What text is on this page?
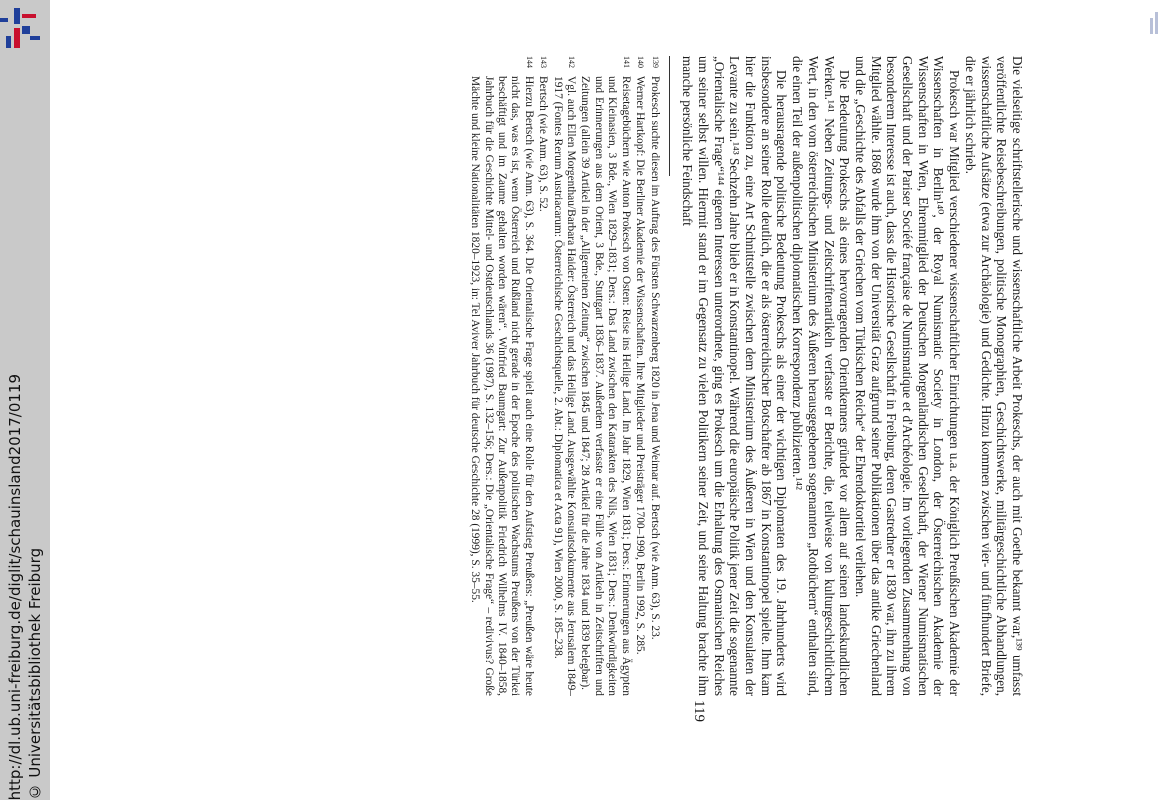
http://dl.ub.uni-freiburg.de/diglit/schauinsland2017/0119 © Universitätsbibliothek Freiburg	Die vielseitige schriftstellerische und wissenschaftliche Arbeit Prokeschs, der auch mit Goethe bekannt war,¹³⁹ umfasst veröffentlichte Reisebeschreibungen, politische Monographien, Geschichtswerke, militärgeschichtliche Abhandlungen, wissenschaftliche Aufsätze (etwa zur Archäologie) und Gedichte. Hinzu kommen zwischen vier- und fünfhundert Briefe, die er jährlich schrieb.

Prokesch war Mitglied verschiedener wissenschaftlicher Einrichtungen u.a. der Königlich Preußischen Akademie der Wissenschaften in Berlin¹⁴⁰, der Royal Numismatic Society in London, der Österreichischen Akademie der Wissenschaften in Wien, Ehrenmitglied der Deutschen Morgenländischen Gesellschaft, der Wiener Numismatischen Gesellschaft und der Pariser Société française de Numismatique et d'Archéologie. Im vorliegenden Zusammenhang von besonderem Interesse ist auch, dass die Historische Gesellschaft in Freiburg, deren Gastredner er 1830 war, ihn zu ihrem Mitglied wählte. 1868 wurde ihm von der Universität Graz aufgrund seiner Publikationen über das antike Griechenland und die „Geschichte des Abfalls der Griechen vom Türkischen Reiche“ der Ehrendoktortitel verliehen.

Die Bedeutung Prokeschs als eines hervorragenden Orientkenners gründet vor allem auf seinen landeskundlichen Werken.¹⁴¹ Neben Zeitungs- und Zeitschriftenartikeln verfasste er Berichte, die, teilweise von kulturgeschichtlichem Wert, in den vom österreichischen Ministerium des Äußeren herausgegebenen sogenannten „Rotbüchern“ enthalten sind, die einen Teil der außenpolitischen diplomatischen Korrespondenz publizierten.¹⁴²

Die herausragende politische Bedeutung Prokeschs als einer der wichtigen Diplomaten des 19. Jahrhunderts wird insbesondere an seiner Rolle deutlich, die er als österreichischer Botschafter ab 1867 in Konstantinopel spielte. Ihm kam hier die Funktion zu, eine Art Schnittstelle zwischen dem Ministerium des Äußeren in Wien und den Konsulaten der Levante zu sein.¹⁴³ Sechzehn Jahre blieb er in Konstantinopel. Während die europäische Politik jener Zeit die sogenannte „Orientalische Frage“¹⁴⁴ eigenen Interessen unterordnete, ging es Prokesch um die Erhaltung des Osmanischen Reiches um seiner selbst willen. Hiermit stand er im Gegensatz zu vielen Politikern seiner Zeit, und seine Haltung brachte ihm manche persönliche Feindschaft

139
Prokesch suchte diesen im Auftrag des Fürsten Schwarzenberg 1820 in Jena und Weimar auf. Bertsch (wie Anm. 63), S. 23.
140
Werner Hartkopf: Die Berliner Akademie der Wissenschaften. Ihre Mitglieder und Preisträger 1700–1990, Berlin 1992, S. 285.
141
Reisetagebüchern wie Anton Prokesch von Osten: Reise ins Heilige Land. Im Jahr 1829, Wien 1831; Ders.: Erinnerungen aus Ägypten und Kleinasien, 3 Bde., Wien 1829–1831; Ders.: Das Land zwischen den Katarakten des Nils, Wien 1831; Ders.: Denkwürdigkeiten und Erinnerungen aus dem Orient, 3 Bde., Stuttgart 1836–1837. Außerdem verfasste er eine Fülle von Artikeln in Zeitschriften und Zeitungen (allein 39 Artikel in der „Allgemeinen Zeitung“ zwischen 1845 und 1847; 28 Artikel für die Jahre 1834 und 1839 belegbar).
142
Vgl. auch Ellen Morgenthau/Barbara Haider: Österreich und das Heilige Land. Ausgewählte Konsulatsdokumente aus Jerusalem 1849–1917 (Fontes Rerum Austriacarum: Österreichische Geschichtsquelle, 2. Abt.: Diplomatica et Acta 91), Wien 2000, S. 185–238.
143
Bertsch (wie Anm. 63), S. 52.
144
Hierzu Bertsch (wie Anm. 63), S. 364. Die Orientalische Frage spielt auch eine Rolle für den Aufstieg Preußens: „Preußen wäre heute nicht das, was es ist, wenn Österreich und Rußland nicht gerade in der Epoche des politischen Wachstums Preußens von der Türkei beschäftigt und im Zaume gehalten worden wären“. Winfried Baumgart: Zur Außenpolitik Friedrich Wilhelms IV. 1840–1858, Jahrbuch für die Geschichte Mittel- und Ostdeutschlands 36 (1987), S. 132–156; Ders.: Die „Orientalische Frage“ – redivivus? Große Mächte und kleine Nationalitäten 1820–1923, in: Tel Aviver Jahrbuch für deutsche Geschichte 28 (1999), S. 35–55.
119
